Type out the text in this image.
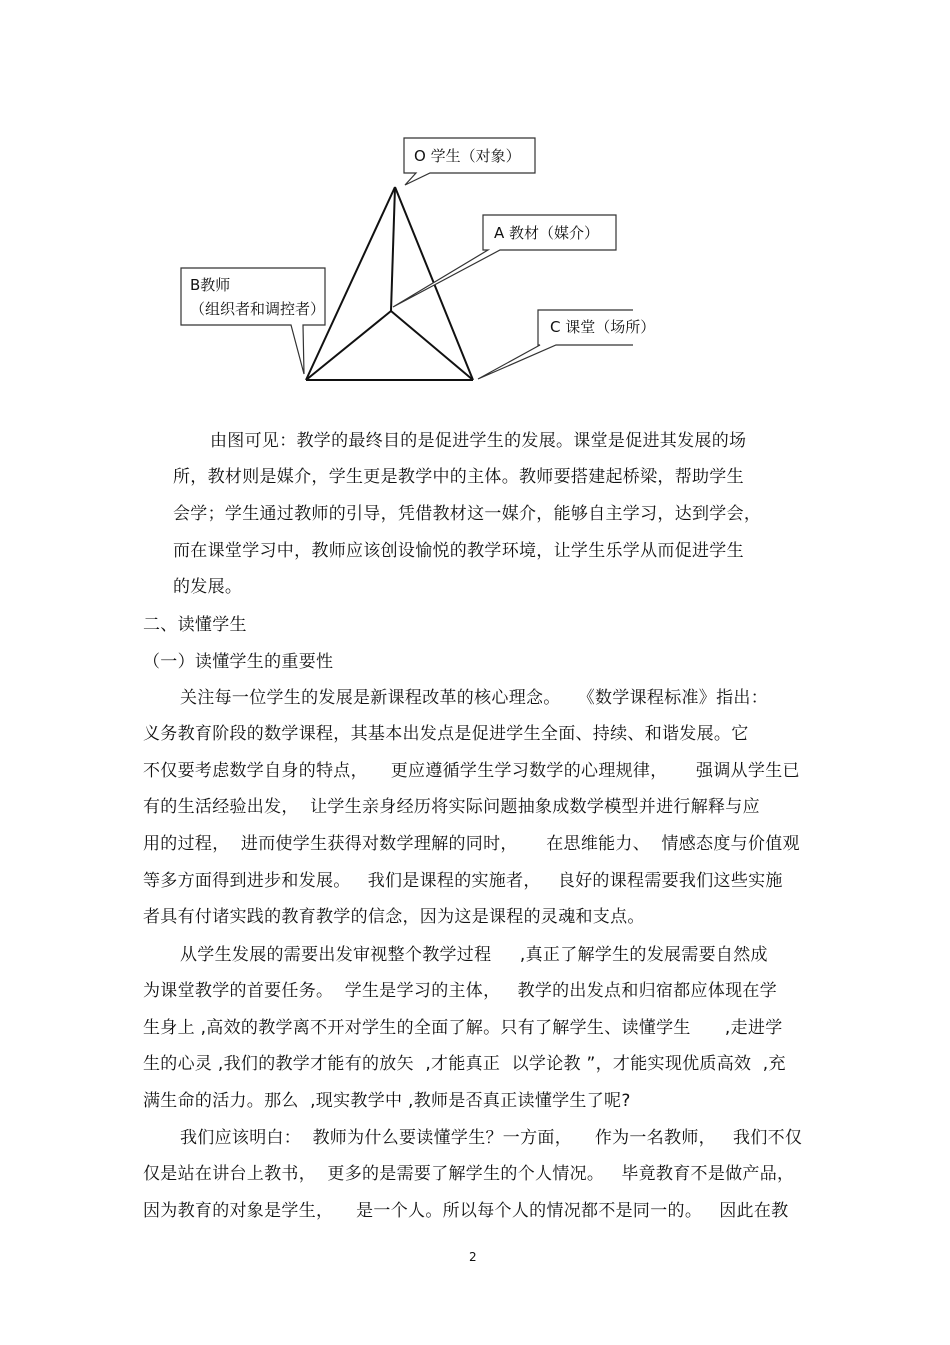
O 学生（对象）
A 教材（媒介）
B教师
（组织者和调控者）
C 课堂（场所）
由图可见：教学的最终目的是促进学生的发展。课堂是促进其发展的场
所，教材则是媒介，学生更是教学中的主体。教师要搭建起桥梁，帮助学生
会学；学生通过教师的引导，凭借教材这一媒介，能够自主学习，达到学会，
而在课堂学习中，教师应该创设愉悦的教学环境，让学生乐学从而促进学生
的发展。
二、读懂学生
（一）读懂学生的重要性
关注每一位学生的发展是新课程改革的核心理念。   《数学课程标准》指出：
义务教育阶段的数学课程，其基本出发点是促进学生全面、持续、和谐发展。它
不仅要考虑数学自身的特点，    更应遵循学生学习数学的心理规律，     强调从学生已
有的生活经验出发，  让学生亲身经历将实际问题抽象成数学模型并进行解释与应
用的过程，  进而使学生获得对数学理解的同时，     在思维能力、  情感态度与价值观
等多方面得到进步和发展。   我们是课程的实施者，   良好的课程需要我们这些实施
者具有付诸实践的教育教学的信念，因为这是课程的灵魂和支点。
从学生发展的需要出发审视整个教学过程     ,真正了解学生的发展需要自然成
为课堂教学的首要任务。  学生是学习的主体，   教学的出发点和归宿都应体现在学
生身上 ,高效的教学离不开对学生的全面了解。只有了解学生、读懂学生      ,走进学
生的心灵 ,我们的教学才能有的放矢  ,才能真正  以学论教 ”，才能实现优质高效  ,充
满生命的活力。那么  ,现实教学中 ,教师是否真正读懂学生了呢?
我们应该明白：  教师为什么要读懂学生？一方面，    作为一名教师，   我们不仅
仅是站在讲台上教书，  更多的是需要了解学生的个人情况。   毕竟教育不是做产品，
因为教育的对象是学生，    是一个人。所以每个人的情况都不是同一的。   因此在教
2
